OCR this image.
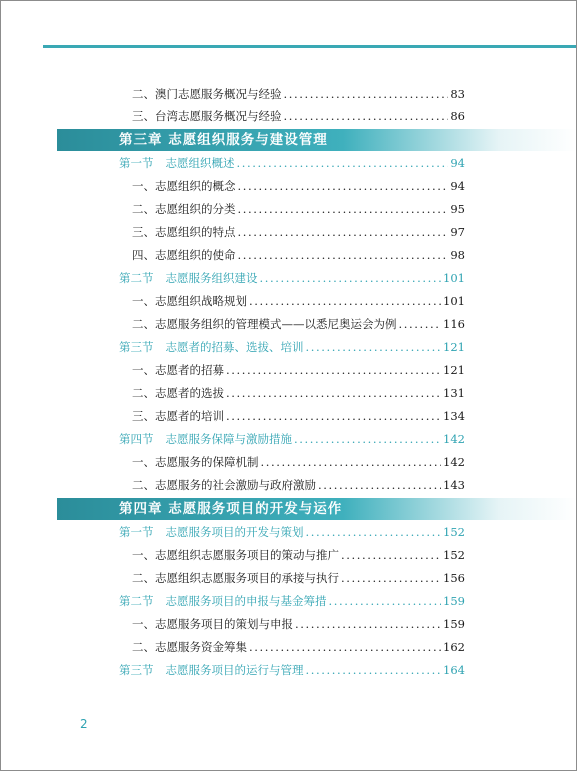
二、澳门志愿服务概况与经验 .....	83
三、台湾志愿服务概况与经验 .....	86
第三章 志愿组织服务与建设管理
第一节 志愿组织概述 .....	94
一、志愿组织的概念 .....	94
二、志愿组织的分类 .....	95
三、志愿组织的特点 .....	97
四、志愿组织的使命 .....	98
第二节 志愿服务组织建设 .....	101
一、志愿组织战略规划 .....	101
二、志愿服务组织的管理模式——以悉尼奥运会为例 .....	116
第三节 志愿者的招募、选拔、培训 .....	121
一、志愿者的招募 .....	121
二、志愿者的选拔 .....	131
三、志愿者的培训 .....	134
第四节 志愿服务保障与激励措施 .....	142
一、志愿服务的保障机制 .....	142
二、志愿服务的社会激励与政府激励 .....	143
第四章 志愿服务项目的开发与运作
第一节 志愿服务项目的开发与策划 .....	152
一、志愿组织志愿服务项目的策动与推广 .....	152
二、志愿组织志愿服务项目的承接与执行 .....	156
第二节 志愿服务项目的申报与基金筹措 .....	159
一、志愿服务项目的策划与申报 .....	159
二、志愿服务资金筹集 .....	162
第三节 志愿服务项目的运行与管理 .....	164
2
